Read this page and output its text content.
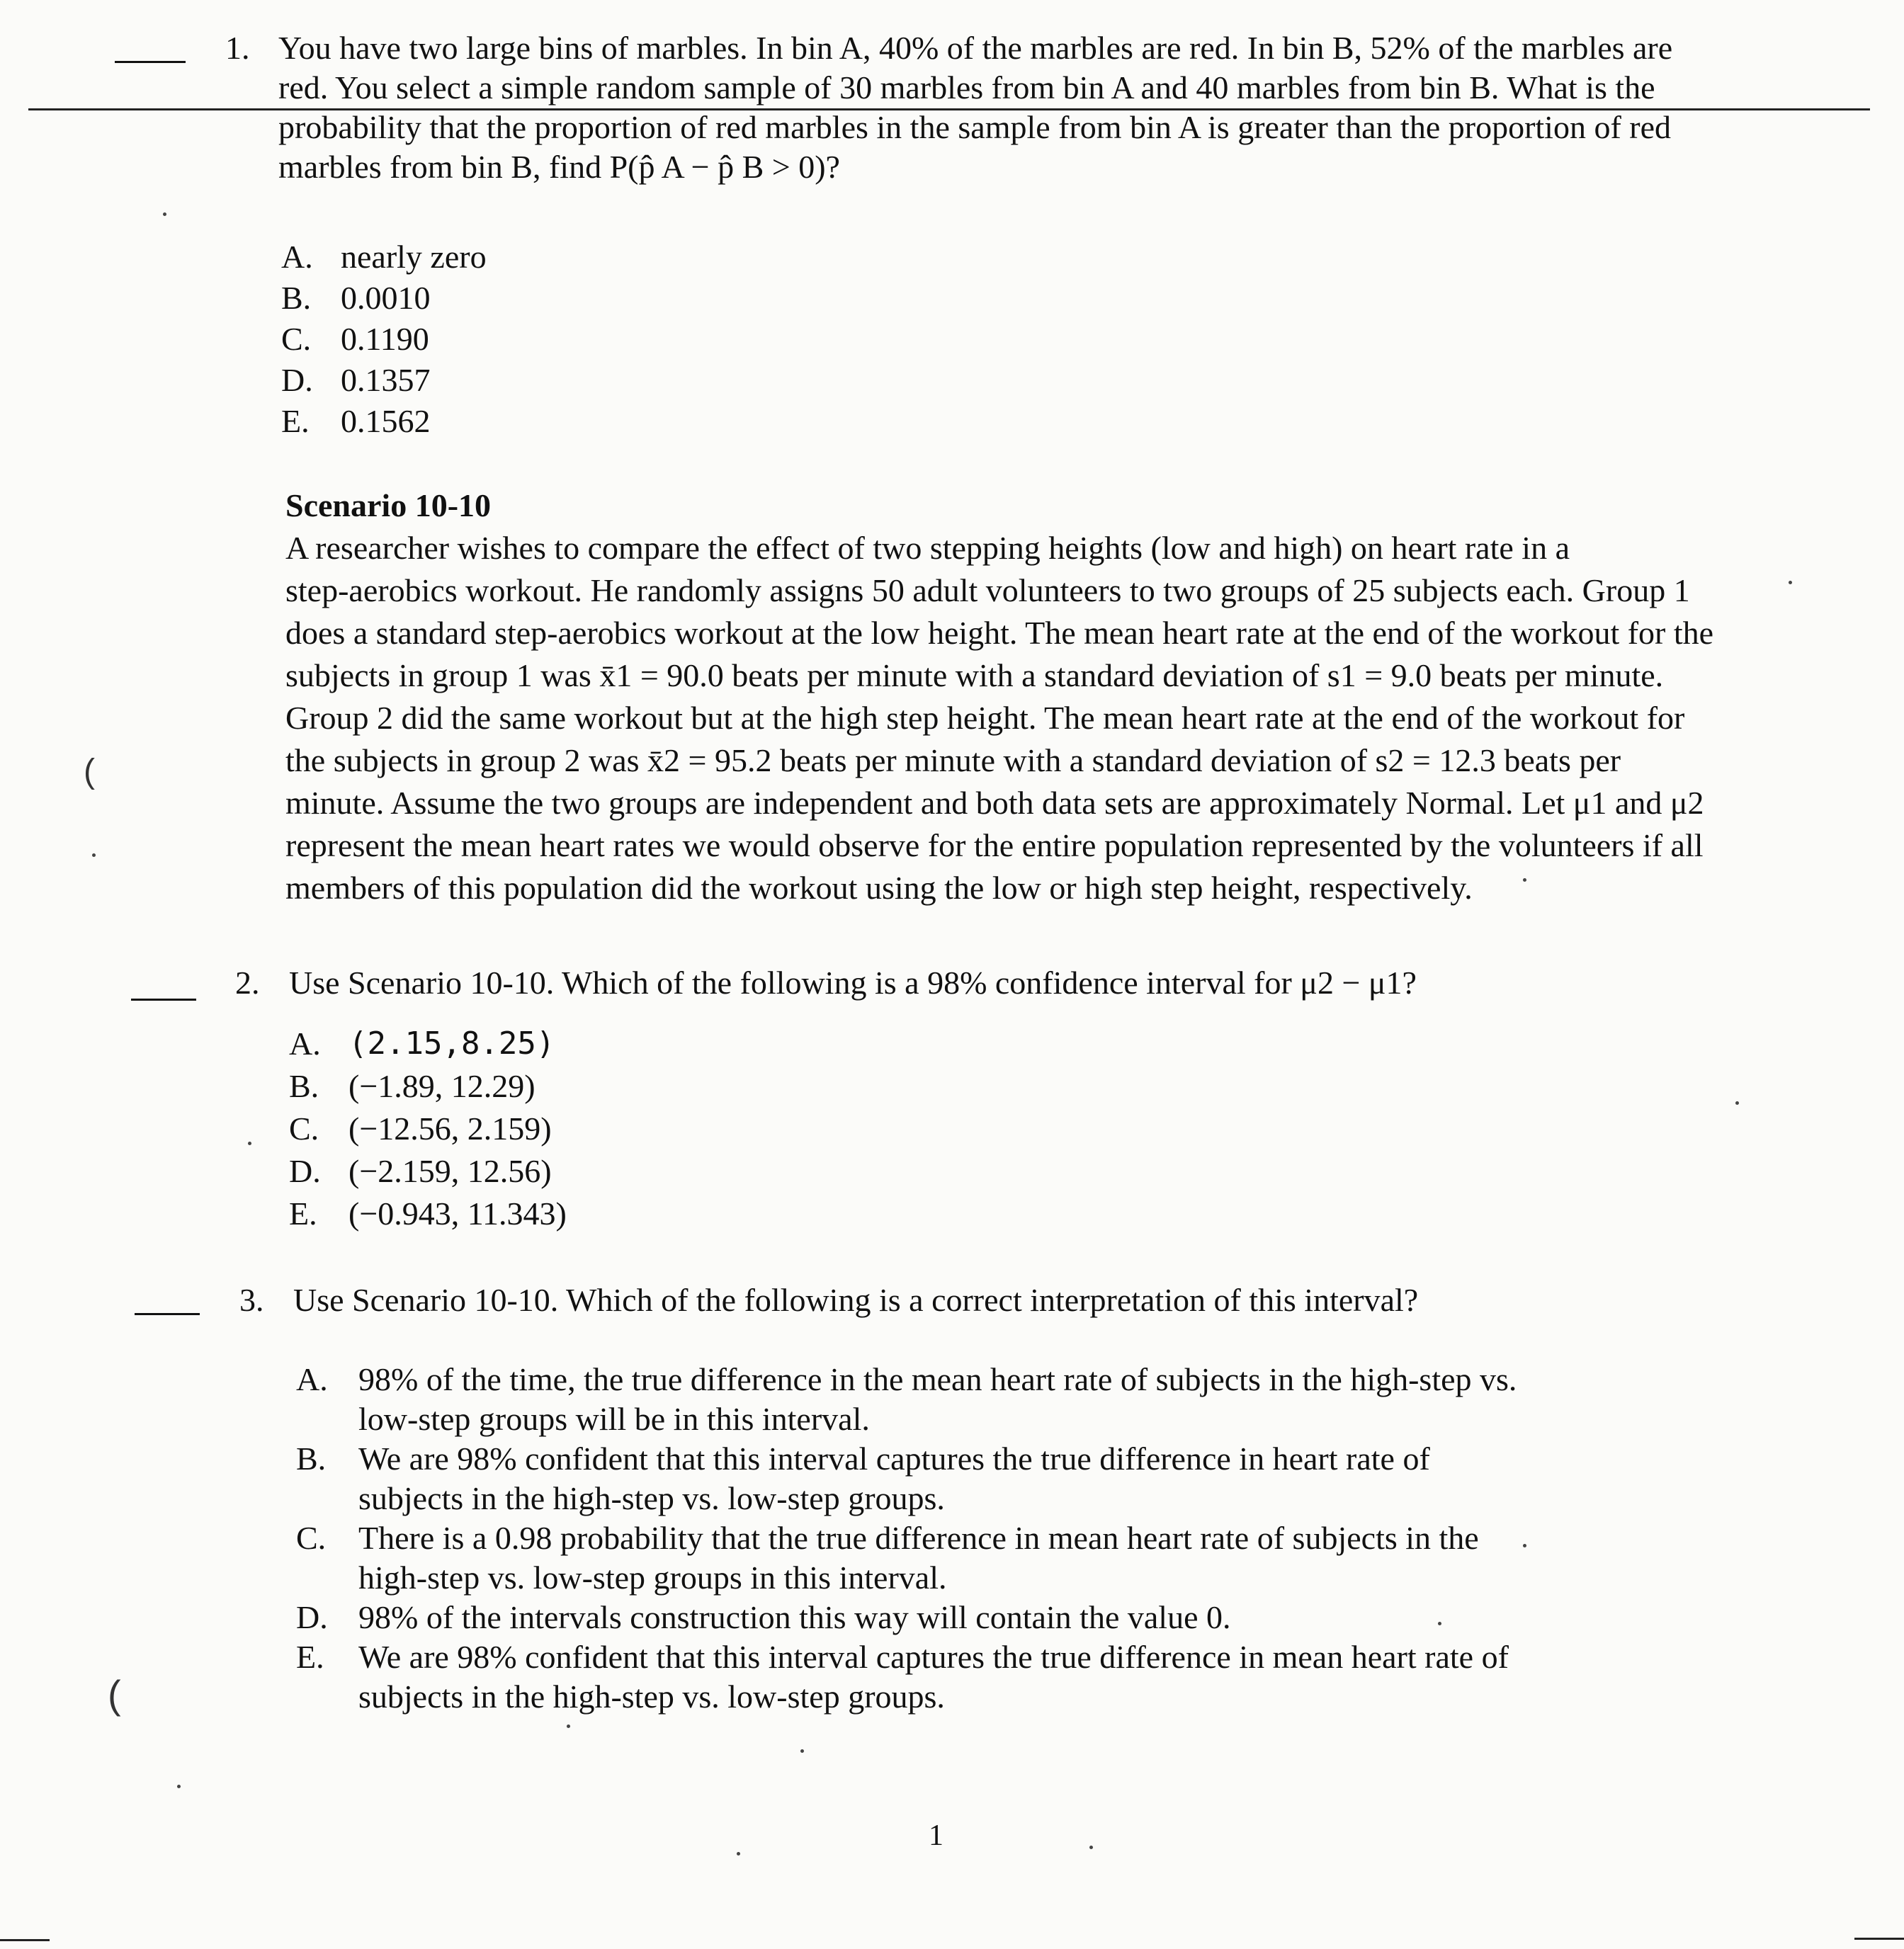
1. You have two large bins of marbles. In bin A, 40% of the marbles are red. In bin B, 52% of the marbles are
red. You select a simple random sample of 30 marbles from bin A and 40 marbles from bin B. What is the
probability that the proportion of red marbles in the sample from bin A is greater than the proportion of red
marbles from bin B, find P(p̂ A − p̂ B > 0)?
A. nearly zero
B. 0.0010
C. 0.1190
D. 0.1357
E. 0.1562
Scenario 10-10
A researcher wishes to compare the effect of two stepping heights (low and high) on heart rate in a
step-aerobics workout. He randomly assigns 50 adult volunteers to two groups of 25 subjects each. Group 1
does a standard step-aerobics workout at the low height. The mean heart rate at the end of the workout for the
subjects in group 1 was x̄1 = 90.0 beats per minute with a standard deviation of s1 = 9.0 beats per minute.
Group 2 did the same workout but at the high step height. The mean heart rate at the end of the workout for
the subjects in group 2 was x̄2 = 95.2 beats per minute with a standard deviation of s2 = 12.3 beats per
minute. Assume the two groups are independent and both data sets are approximately Normal. Let μ1 and μ2
represent the mean heart rates we would observe for the entire population represented by the volunteers if all
members of this population did the workout using the low or high step height, respectively.
2. Use Scenario 10-10. Which of the following is a 98% confidence interval for μ2 − μ1?
A. (2.15,8.25)
B. (−1.89, 12.29)
C. (−12.56, 2.159)
D. (−2.159, 12.56)
E. (−0.943, 11.343)
3. Use Scenario 10-10. Which of the following is a correct interpretation of this interval?
A. 98% of the time, the true difference in the mean heart rate of subjects in the high-step vs.
low-step groups will be in this interval.
B. We are 98% confident that this interval captures the true difference in heart rate of
subjects in the high-step vs. low-step groups.
C. There is a 0.98 probability that the true difference in mean heart rate of subjects in the
high-step vs. low-step groups in this interval.
D. 98% of the intervals construction this way will contain the value 0.
E.	We are 98% confident that this interval captures the true difference in mean heart rate of
subjects in the high-step vs. low-step groups.
1
(
(
